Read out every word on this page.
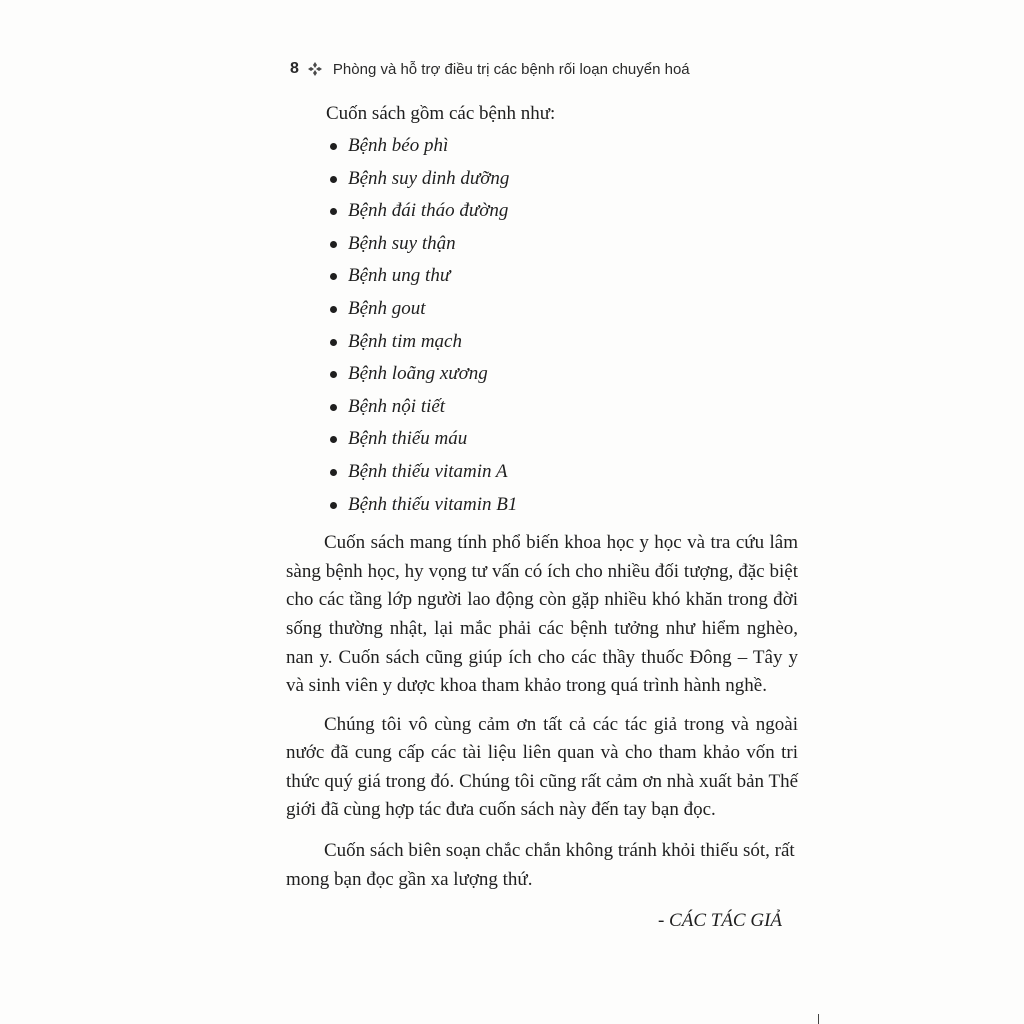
8 Phòng và hỗ trợ điều trị các bệnh rối loạn chuyển hoá

Cuốn sách gồm các bệnh như:

Bệnh béo phì
Bệnh suy dinh dưỡng
Bệnh đái tháo đường
Bệnh suy thận
Bệnh ung thư
Bệnh gout
Bệnh tim mạch
Bệnh loãng xương
Bệnh nội tiết
Bệnh thiếu máu
Bệnh thiếu vitamin A
Bệnh thiếu vitamin B1

Cuốn sách mang tính phổ biến khoa học y học và tra cứu lâm sàng bệnh học, hy vọng tư vấn có ích cho nhiều đối tượng, đặc biệt cho các tầng lớp người lao động còn gặp nhiều khó khăn trong đời sống thường nhật, lại mắc phải các bệnh tưởng như hiểm nghèo, nan y. Cuốn sách cũng giúp ích cho các thầy thuốc Đông – Tây y và sinh viên y dược khoa tham khảo trong quá trình hành nghề.

Chúng tôi vô cùng cảm ơn tất cả các tác giả trong và ngoài nước đã cung cấp các tài liệu liên quan và cho tham khảo vốn tri thức quý giá trong đó. Chúng tôi cũng rất cảm ơn nhà xuất bản Thế giới đã cùng hợp tác đưa cuốn sách này đến tay bạn đọc.

Cuốn sách biên soạn chắc chắn không tránh khỏi thiếu sót, rất mong bạn đọc gần xa lượng thứ.

- CÁC TÁC GIẢ
